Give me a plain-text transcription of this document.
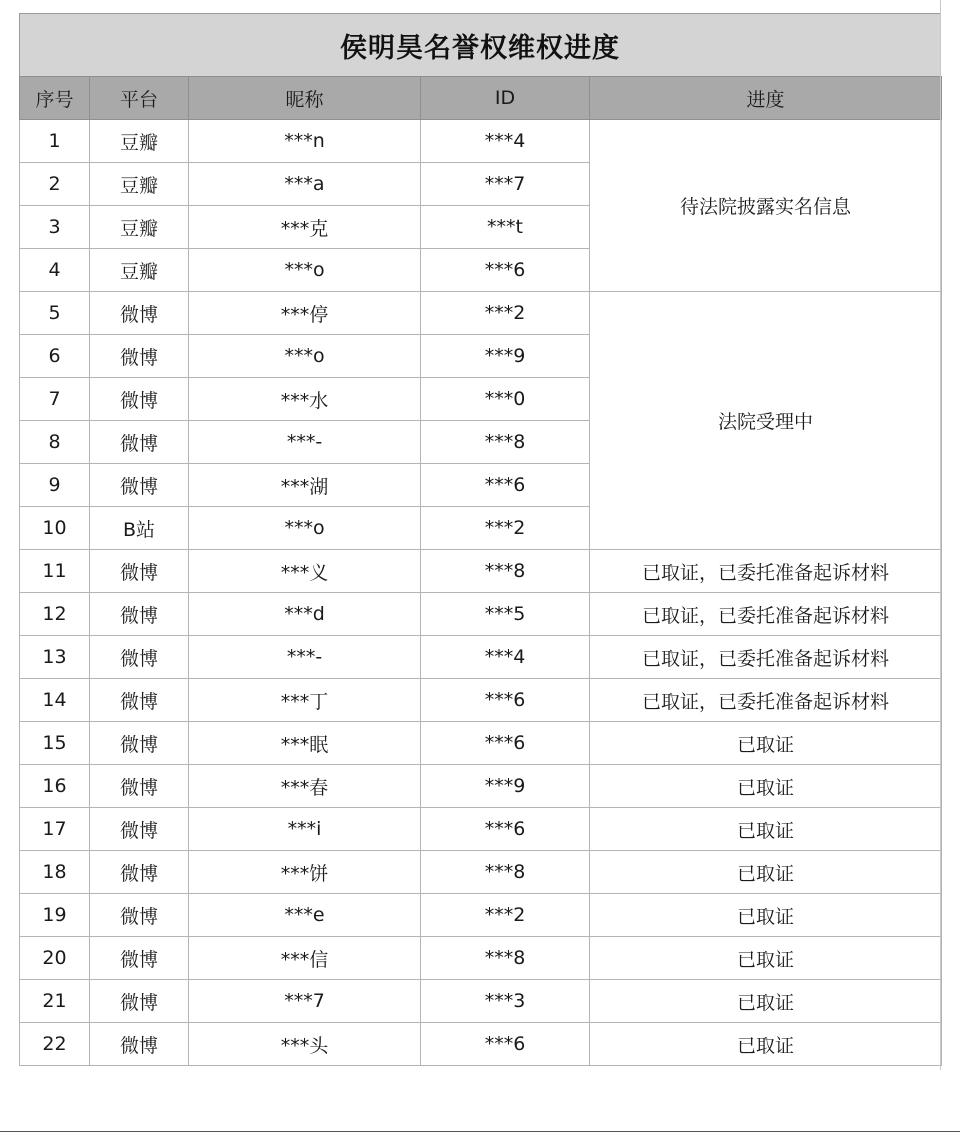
侯明昊名誉权维权进度
序号	平台	昵称	ID	进度
1	豆瓣	***n	***4	待法院披露实名信息
2	豆瓣	***a	***7	
3	豆瓣	***克	***t	
4	豆瓣	***o	***6	
5	微博	***停	***2	法院受理中
6	微博	***o	***9	
7	微博	***水	***0	
8	微博	***-	***8	
9	微博	***湖	***6	
10	B站	***o	***2	
11	微博	***义	***8	已取证，已委托准备起诉材料
12	微博	***d	***5	已取证，已委托准备起诉材料
13	微博	***-	***4	已取证，已委托准备起诉材料
14	微博	***丁	***6	已取证，已委托准备起诉材料
15	微博	***眠	***6	已取证
16	微博	***春	***9	已取证
17	微博	***i	***6	已取证
18	微博	***饼	***8	已取证
19	微博	***e	***2	已取证
20	微博	***信	***8	已取证
21	微博	***7	***3	已取证
22	微博	***头	***6	已取证
